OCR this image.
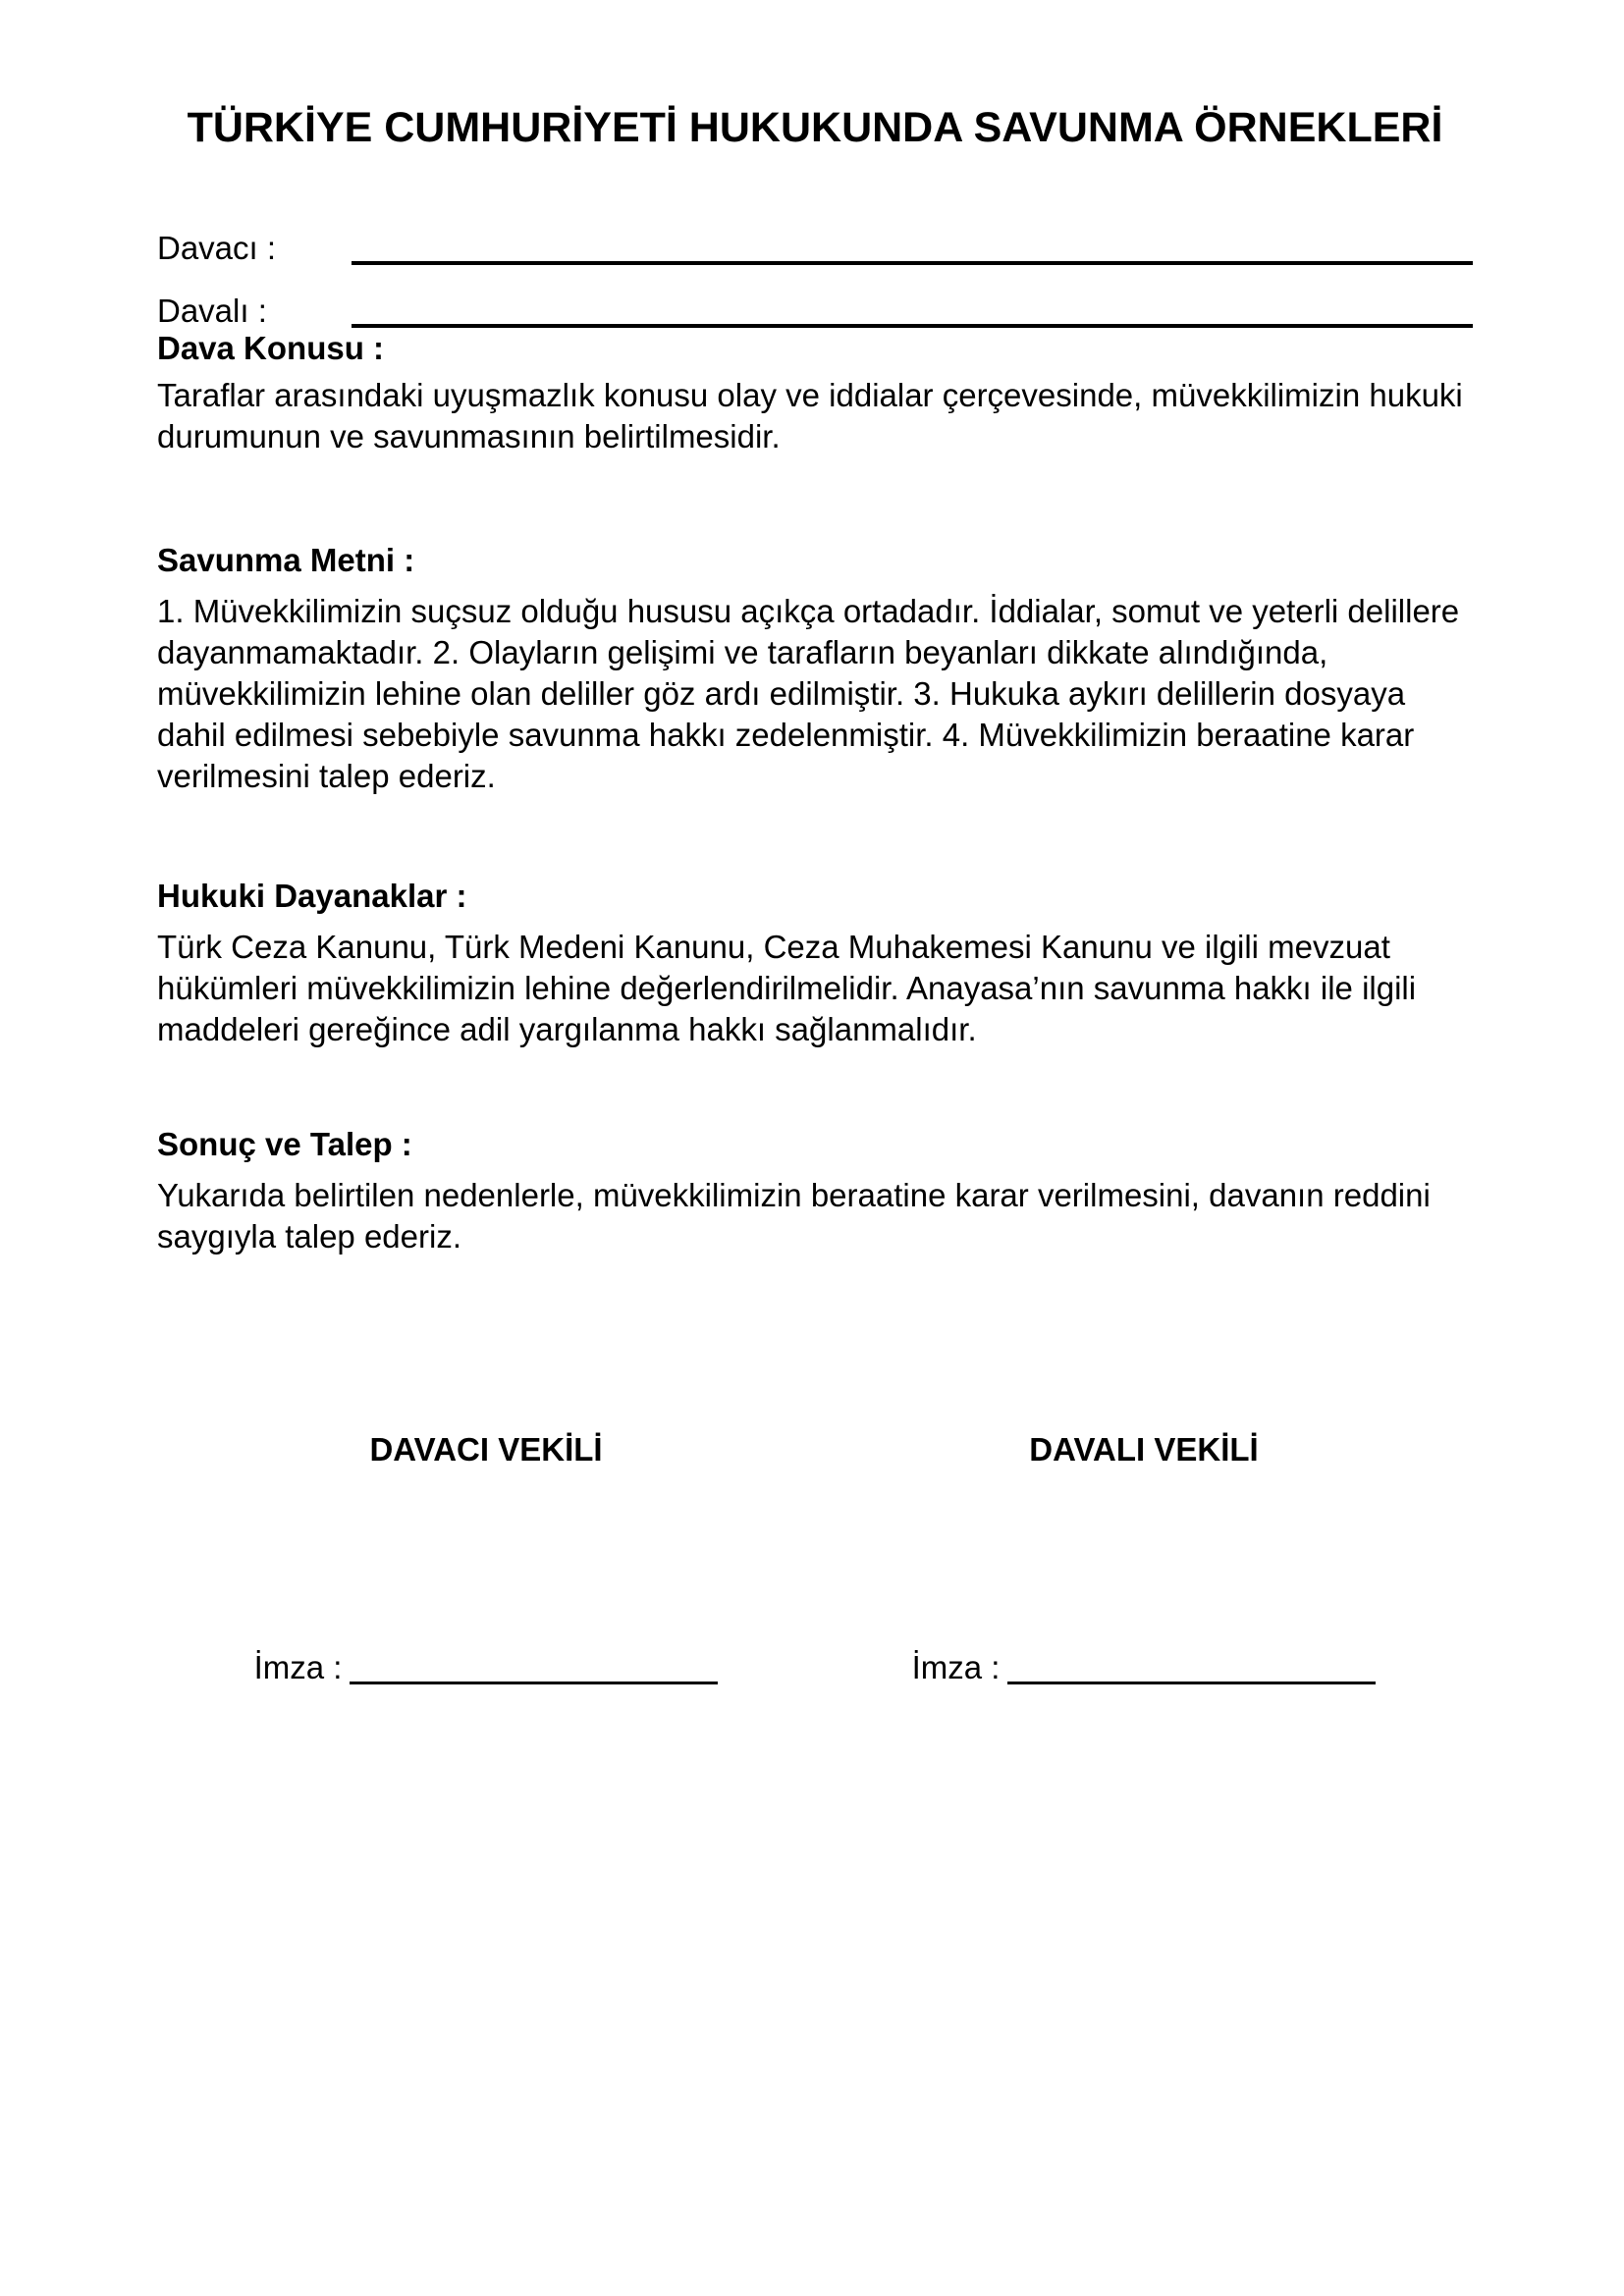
TÜRKİYE CUMHURİYETİ HUKUKUNDA SAVUNMA ÖRNEKLERİ
Davacı :
Davalı :
Dava Konusu :

Taraflar arasındaki uyuşmazlık konusu olay ve iddialar çerçevesinde, müvekkilimizin hukuki durumunun ve savunmasının belirtilmesidir.

Savunma Metni :

1. Müvekkilimizin suçsuz olduğu hususu açıkça ortadadır. İddialar, somut ve yeterli delillere dayanmamaktadır. 2. Olayların gelişimi ve tarafların beyanları dikkate alındığında, müvekkilimizin lehine olan deliller göz ardı edilmiştir. 3. Hukuka aykırı delillerin dosyaya dahil edilmesi sebebiyle savunma hakkı zedelenmiştir. 4. Müvekkilimizin beraatine karar verilmesini talep ederiz.

Hukuki Dayanaklar :

Türk Ceza Kanunu, Türk Medeni Kanunu, Ceza Muhakemesi Kanunu ve ilgili mevzuat hükümleri müvekkilimizin lehine değerlendirilmelidir. Anayasa’nın savunma hakkı ile ilgili maddeleri gereğince adil yargılanma hakkı sağlanmalıdır.

Sonuç ve Talep :

Yukarıda belirtilen nedenlerle, müvekkilimizin beraatine karar verilmesini, davanın reddini saygıyla talep ederiz.

DAVACI VEKİLİ	DAVALI VEKİLİ
İmza :	İmza :
